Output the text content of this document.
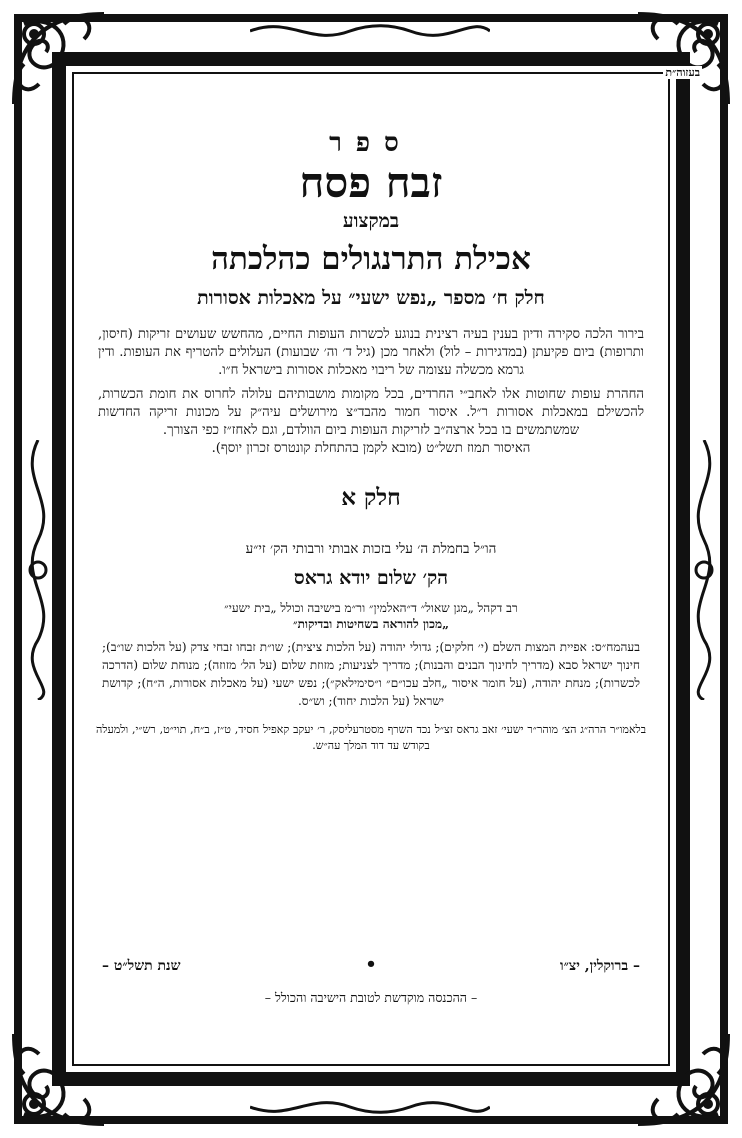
בעזוה״ת
ספר
זבח פסח
במקצוע
אכילת התרנגולים כהלכתה
חלק ח׳ מספר „נפש ישעי״ על מאכלות אסורות
בירור הלכה סקירה ודיון בענין בעיה רצינית בנוגע לכשרות העופות החיים, מהחשש שעושים זריקות (חיסון, ותרופות) ביום פקיעתן (במדגירות – לול) ולאחר מכן (גיל ד׳ וה׳ שבועות) העלולים להטריף את העופות. ודין גרמא מכשלה עצומה של ריבוי מאכלות אסורות בישראל ח״ו.
החהרת עופות שחוטות אלו לאחב״י החרדים, בכל מקומות מושבותיהם עלולה לחרוס את חומת הכשרות, להכשילם במאכלות אסורות ר״ל. איסור חמור מהבד״צ מירושלים עיה״ק על מכונות זריקה החדשות שמשתמשים בו בכל ארצה״ב לזריקות העופות ביום הוולדם, וגם לאחז״ז כפי הצורך.
האיסור תמוז תשל״ט (מובא לקמן בהתחלת קונטרס זכרון יוסף).
חלק א
הו״ל בחמלת ה׳ עלי בזכות אבותי ורבותי הק׳ זי״ע
הק׳ שלום יודא גראס
רב דקהל „מגן שאול״ ד״האלמין״ ור״מ בישיבה וכולל „בית ישעי״
„מכון להוראה בשחיטות ובדיקות״
בעהמח״ס: אפיית המצות השלם (י׳ חלקים); גדולי יהודה (על הלכות ציצית); שו״ת זבחו זבחי צדק (על הלכות שו״ב); חינוך ישראל סבא (מדריך לחינוך הבנים והבנות); מדריך לצניעות; מזוזת שלום (על הל׳ מזוזה); מנוחת שלום (הדרכה לכשרות); מנחת יהודה, (על חומר איסור „חלב עכו״ם״ ו״סימילאק״); נפש ישעי (על מאכלות אסורות, ה״ח); קדושת ישראל (על הלכות יחוד); וש״ס.
בלאמו״ר הרה״ג הצ׳ מוהר״ר ישעי׳ זאב גראס זצ״ל נכד השרף מסטרעליסק, ר׳ יעקב קאפיל חסיד, ט״ז, ב״ח, תוי״ט, רש״י, ולמעלה בקודש עד דוד המלך עה״ש.
– ברוקלין, יצ״ו
•
שנת תשל״ט –
– ההכנסה מוקדשת לטובת הישיבה והכולל –
